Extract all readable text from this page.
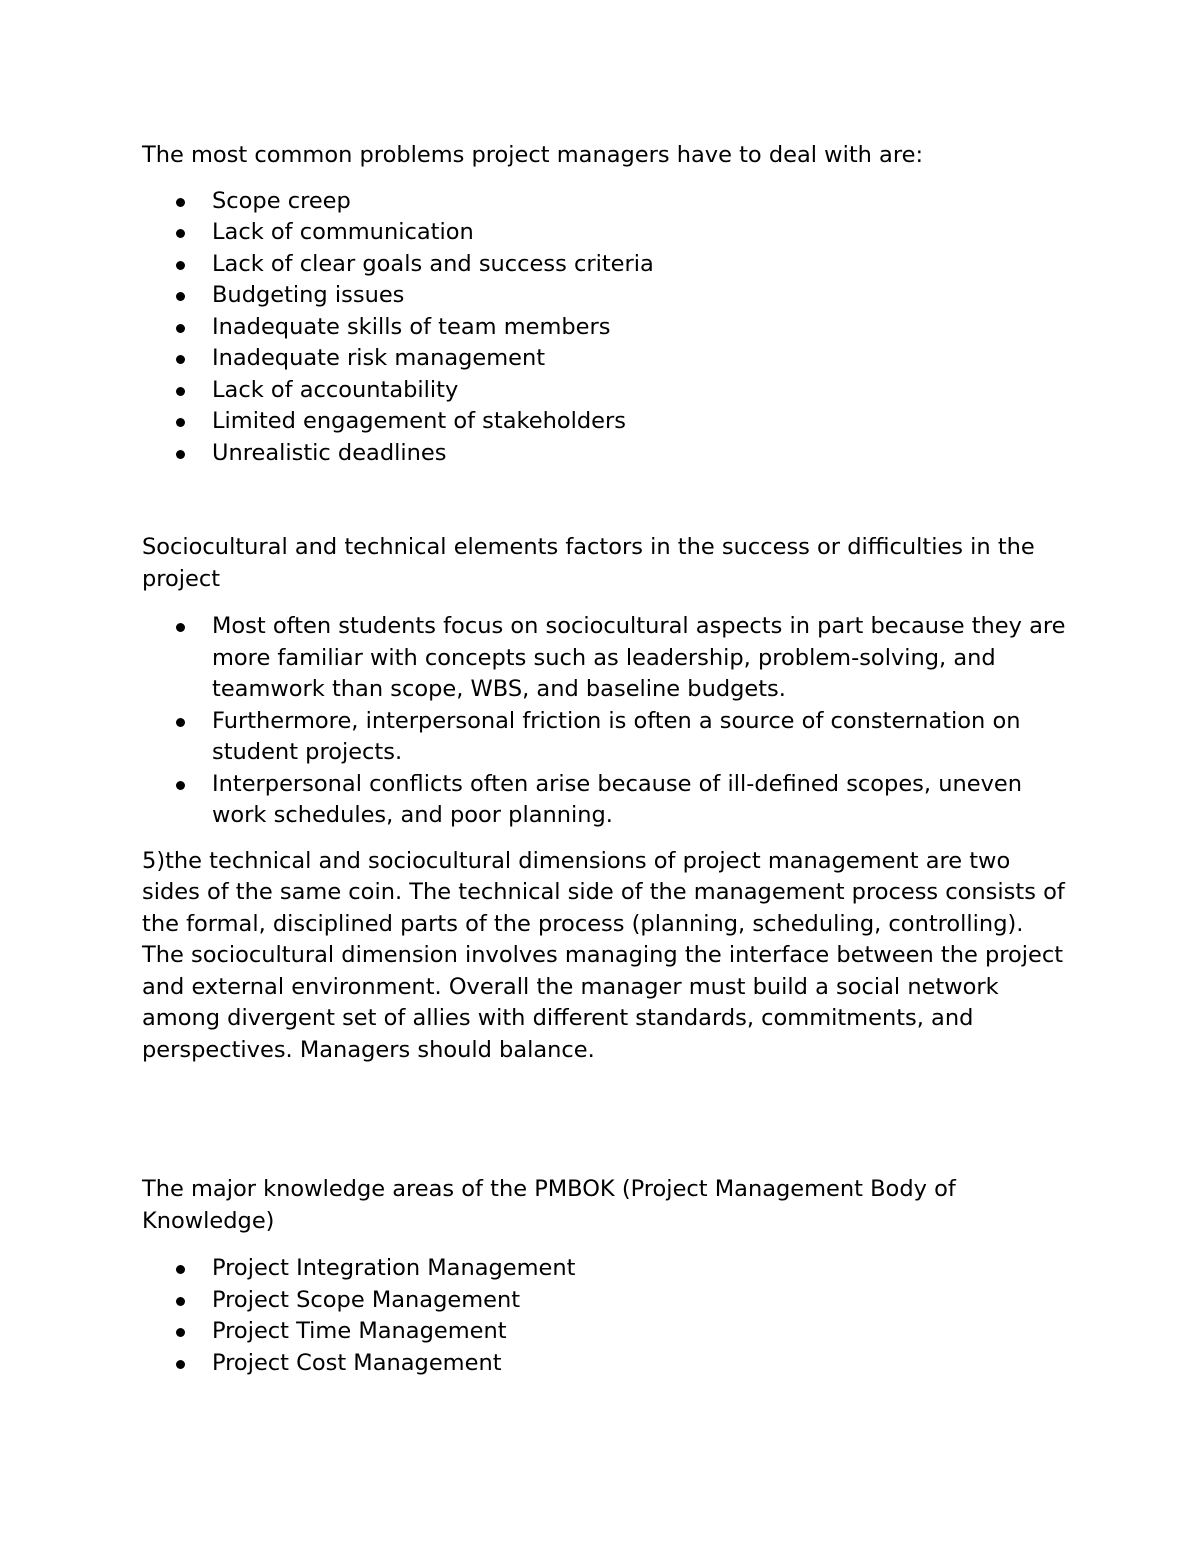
The most common problems project managers have to deal with are:

Scope creep
Lack of communication
Lack of clear goals and success criteria
Budgeting issues
Inadequate skills of team members
Inadequate risk management
Lack of accountability
Limited engagement of stakeholders
Unrealistic deadlines

Sociocultural and technical elements factors in the success or difficulties in the project

Most often students focus on sociocultural aspects in part because they are more familiar with concepts such as leadership, problem-solving, and teamwork than scope, WBS, and baseline budgets.
Furthermore, interpersonal friction is often a source of consternation on student projects.
Interpersonal conflicts often arise because of ill-defined scopes, uneven work schedules, and poor planning.

5)the technical and sociocultural dimensions of project management are two sides of the same coin. The technical side of the management process consists of the formal, disciplined parts of the process (planning, scheduling, controlling). The sociocultural dimension involves managing the interface between the project and external environment. Overall the manager must build a social network among divergent set of allies with different standards, commitments, and perspectives. Managers should balance.

The major knowledge areas of the PMBOK (Project Management Body of Knowledge)

Project Integration Management
Project Scope Management
Project Time Management
Project Cost Management
